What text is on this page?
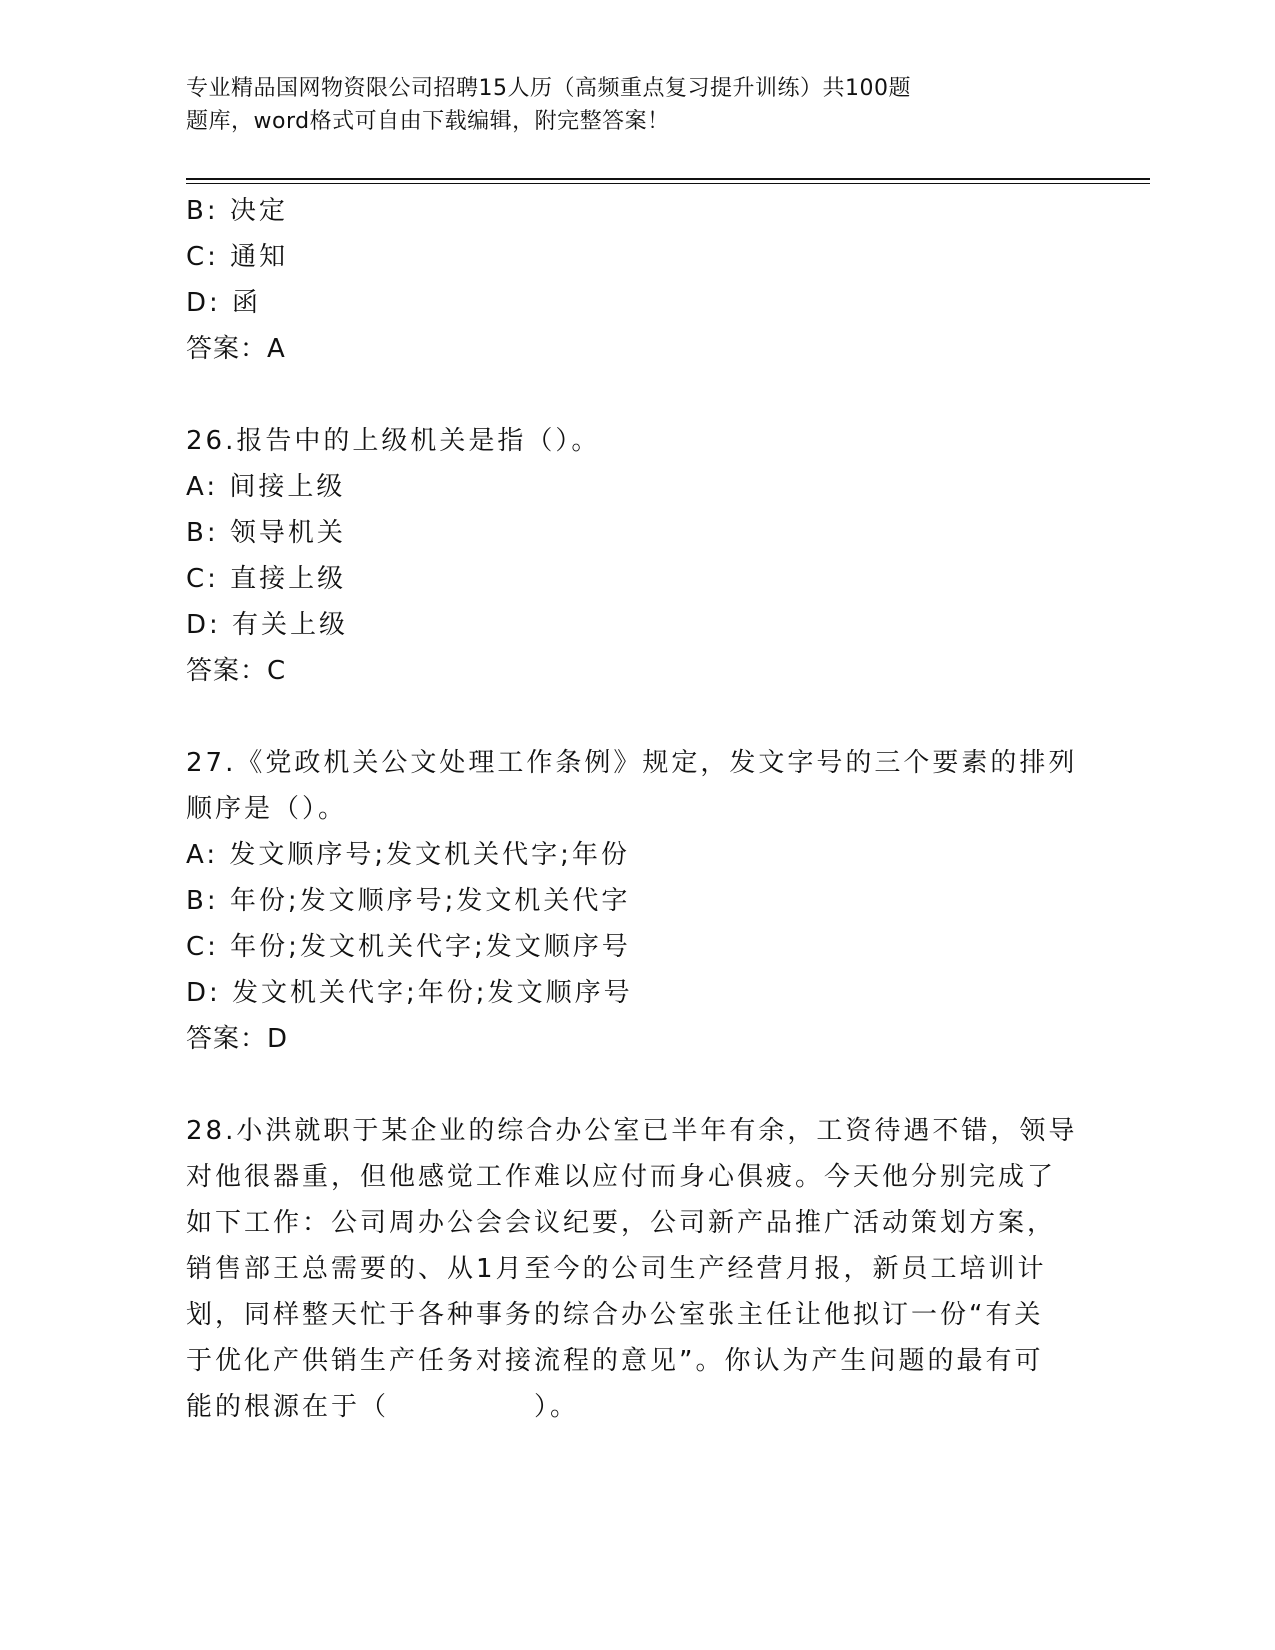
专业精品国网物资限公司招聘15人历（高频重点复习提升训练）共100题
题库，word格式可自由下载编辑，附完整答案！
B: 决定
C: 通知
D: 函
答案：A
26.报告中的上级机关是指（）。
A: 间接上级
B: 领导机关
C: 直接上级
D: 有关上级
答案：C
27.《党政机关公文处理工作条例》规定，发文字号的三个要素的排列
顺序是（）。
A: 发文顺序号;发文机关代字;年份
B: 年份;发文顺序号;发文机关代字
C: 年份;发文机关代字;发文顺序号
D: 发文机关代字;年份;发文顺序号
答案：D
28.小洪就职于某企业的综合办公室已半年有余，工资待遇不错，领导
对他很器重，但他感觉工作难以应付而身心俱疲。今天他分别完成了
如下工作：公司周办公会会议纪要，公司新产品推广活动策划方案，
销售部王总需要的、从1月至今的公司生产经营月报，新员工培训计
划，同样整天忙于各种事务的综合办公室张主任让他拟订一份“有关
于优化产供销生产任务对接流程的意见”。你认为产生问题的最有可
能的根源在于（　　　　　）。
